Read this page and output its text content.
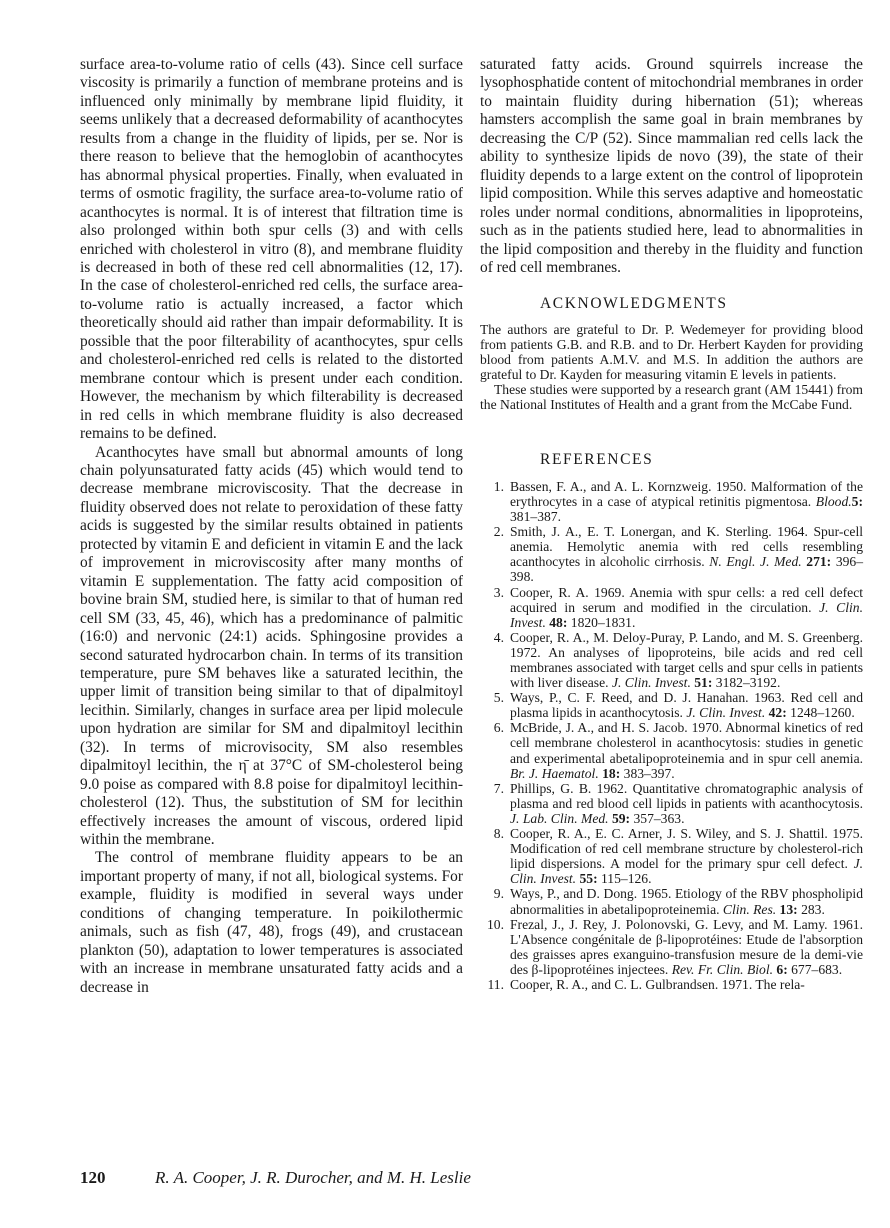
surface area-to-volume ratio of cells (43). Since cell surface viscosity is primarily a function of membrane proteins and is influenced only minimally by membrane lipid fluidity, it seems unlikely that a decreased deformability of acanthocytes results from a change in the fluidity of lipids, per se. Nor is there reason to believe that the hemoglobin of acanthocytes has abnormal physical properties. Finally, when evaluated in terms of osmotic fragility, the surface area-to-volume ratio of acanthocytes is normal. It is of interest that filtration time is also prolonged within both spur cells (3) and with cells enriched with cholesterol in vitro (8), and membrane fluidity is decreased in both of these red cell abnormalities (12, 17). In the case of cholesterol-enriched red cells, the surface area-to-volume ratio is actually increased, a factor which theoretically should aid rather than impair deformability. It is possible that the poor filterability of acanthocytes, spur cells and cholesterol-enriched red cells is related to the distorted membrane contour which is present under each condition. However, the mechanism by which filterability is decreased in red cells in which membrane fluidity is also decreased remains to be defined.

Acanthocytes have small but abnormal amounts of long chain polyunsaturated fatty acids (45) which would tend to decrease membrane microviscosity. That the decrease in fluidity observed does not relate to peroxidation of these fatty acids is suggested by the similar results obtained in patients protected by vitamin E and deficient in vitamin E and the lack of improvement in microviscosity after many months of vitamin E supplementation. The fatty acid composition of bovine brain SM, studied here, is similar to that of human red cell SM (33, 45, 46), which has a predominance of palmitic (16:0) and nervonic (24:1) acids. Sphingosine provides a second saturated hydrocarbon chain. In terms of its transition temperature, pure SM behaves like a saturated lecithin, the upper limit of transition being similar to that of dipalmitoyl lecithin. Similarly, changes in surface area per lipid molecule upon hydration are similar for SM and dipalmitoyl lecithin (32). In terms of microvisocity, SM also resembles dipalmitoyl lecithin, the η̄ at 37°C of SM-cholesterol being 9.0 poise as compared with 8.8 poise for dipalmitoyl lecithin-cholesterol (12). Thus, the substitution of SM for lecithin effectively increases the amount of viscous, ordered lipid within the membrane.

The control of membrane fluidity appears to be an important property of many, if not all, biological systems. For example, fluidity is modified in several ways under conditions of changing temperature. In poikilothermic animals, such as fish (47, 48), frogs (49), and crustacean plankton (50), adaptation to lower temperatures is associated with an increase in membrane unsaturated fatty acids and a decrease in

saturated fatty acids. Ground squirrels increase the lysophosphatide content of mitochondrial membranes in order to maintain fluidity during hibernation (51); whereas hamsters accomplish the same goal in brain membranes by decreasing the C/P (52). Since mammalian red cells lack the ability to synthesize lipids de novo (39), the state of their fluidity depends to a large extent on the control of lipoprotein lipid composition. While this serves adaptive and homeostatic roles under normal conditions, abnormalities in lipoproteins, such as in the patients studied here, lead to abnormalities in the lipid composition and thereby in the fluidity and function of red cell membranes.

ACKNOWLEDGMENTS

The authors are grateful to Dr. P. Wedemeyer for providing blood from patients G.B. and R.B. and to Dr. Herbert Kayden for providing blood from patients A.M.V. and M.S. In addition the authors are grateful to Dr. Kayden for measuring vitamin E levels in patients.

These studies were supported by a research grant (AM 15441) from the National Institutes of Health and a grant from the McCabe Fund.

REFERENCES
1. Bassen, F. A., and A. L. Kornzweig. 1950. Malformation of the erythrocytes in a case of atypical retinitis pigmentosa. Blood.5: 381–387.
2. Smith, J. A., E. T. Lonergan, and K. Sterling. 1964. Spur-cell anemia. Hemolytic anemia with red cells resembling acanthocytes in alcoholic cirrhosis. N. Engl. J. Med. 271: 396–398.
3. Cooper, R. A. 1969. Anemia with spur cells: a red cell defect acquired in serum and modified in the circulation. J. Clin. Invest. 48: 1820–1831.
4. Cooper, R. A., M. Deloy-Puray, P. Lando, and M. S. Greenberg. 1972. An analyses of lipoproteins, bile acids and red cell membranes associated with target cells and spur cells in patients with liver disease. J. Clin. Invest. 51: 3182–3192.
5. Ways, P., C. F. Reed, and D. J. Hanahan. 1963. Red cell and plasma lipids in acanthocytosis. J. Clin. Invest. 42: 1248–1260.
6. McBride, J. A., and H. S. Jacob. 1970. Abnormal kinetics of red cell membrane cholesterol in acanthocytosis: studies in genetic and experimental abetalipoproteinemia and in spur cell anemia. Br. J. Haematol. 18: 383–397.
7. Phillips, G. B. 1962. Quantitative chromatographic analysis of plasma and red blood cell lipids in patients with acanthocytosis. J. Lab. Clin. Med. 59: 357–363.
8. Cooper, R. A., E. C. Arner, J. S. Wiley, and S. J. Shattil. 1975. Modification of red cell membrane structure by cholesterol-rich lipid dispersions. A model for the primary spur cell defect. J. Clin. Invest. 55: 115–126.
9. Ways, P., and D. Dong. 1965. Etiology of the RBV phospholipid abnormalities in abetalipoproteinemia. Clin. Res. 13: 283.
10. Frezal, J., J. Rey, J. Polonovski, G. Levy, and M. Lamy. 1961. L'Absence congénitale de β-lipoprotéines: Etude de l'absorption des graisses apres exanguino-transfusion mesure de la demi-vie des β-lipoprotéines injectees. Rev. Fr. Clin. Biol. 6: 677–683.
11. Cooper, R. A., and C. L. Gulbrandsen. 1971. The rela-
120	R. A. Cooper, J. R. Durocher, and M. H. Leslie
